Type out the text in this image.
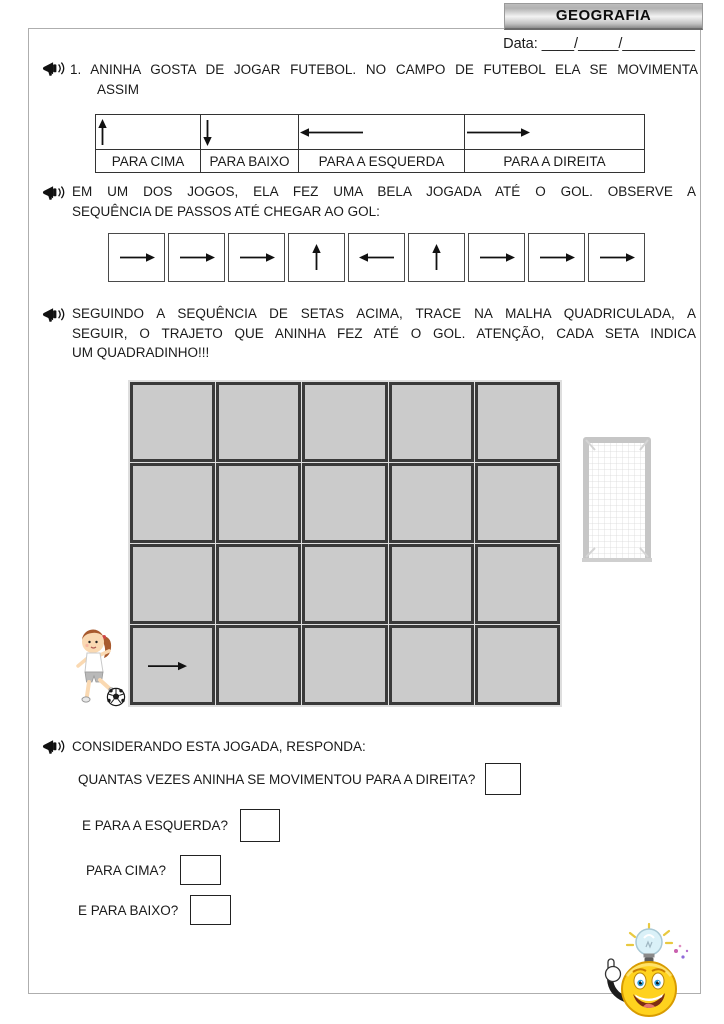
GEOGRAFIA
Data: ____/_____/_________
1. ANINHA GOSTA DE JOGAR FUTEBOL. NO CAMPO DE FUTEBOL ELA SE MOVIMENTA
ASSIM

PARA CIMA	PARA BAIXO	PARA A ESQUERDA	PARA A DIREITA
EM UM DOS JOGOS, ELA FEZ UMA BELA JOGADA ATÉ O GOL. OBSERVE A
SEQUÊNCIA DE PASSOS ATÉ CHEGAR AO GOL:
SEGUINDO A SEQUÊNCIA DE SETAS ACIMA, TRACE NA MALHA QUADRICULADA, A
SEGUIR, O TRAJETO QUE ANINHA FEZ ATÉ O GOL. ATENÇÃO, CADA SETA INDICA
UM QUADRADINHO!!!
CONSIDERANDO ESTA JOGADA, RESPONDA:
QUANTAS VEZES ANINHA SE MOVIMENTOU PARA A DIREITA?
E PARA A ESQUERDA?
PARA CIMA?
E PARA BAIXO?
